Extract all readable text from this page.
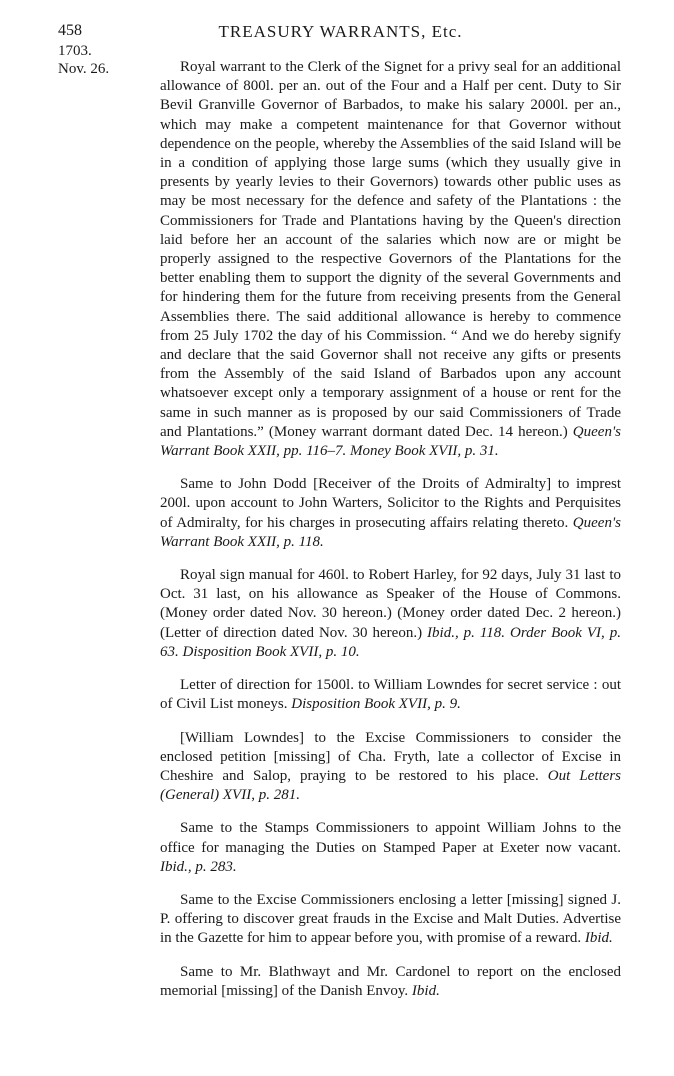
458	TREASURY WARRANTS, Etc.
1703.
Nov. 26.	Royal warrant to the Clerk of the Signet for a privy seal for an additional allowance of 800l. per an. out of the Four and a Half per cent. Duty to Sir Bevil Granville Governor of Barbados, to make his salary 2000l. per an., which may make a competent maintenance for that Governor without dependence on the people, whereby the Assemblies of the said Island will be in a condition of applying those large sums (which they usually give in presents by yearly levies to their Governors) towards other public uses as may be most necessary for the defence and safety of the Plantations : the Commissioners for Trade and Plantations having by the Queen's direction laid before her an account of the salaries which now are or might be properly assigned to the respective Governors of the Plantations for the better enabling them to support the dignity of the several Governments and for hindering them for the future from receiving presents from the General Assemblies there. The said additional allowance is hereby to commence from 25 July 1702 the day of his Commission. “ And we do hereby signify and declare that the said Governor shall not receive any gifts or presents from the Assembly of the said Island of Barbados upon any account whatsoever except only a temporary assignment of a house or rent for the same in such manner as is proposed by our said Commissioners of Trade and Plantations.” (Money warrant dormant dated Dec. 14 hereon.) Queen's Warrant Book XXII, pp. 116–7. Money Book XVII, p. 31.
Same to John Dodd [Receiver of the Droits of Admiralty] to imprest 200l. upon account to John Warters, Solicitor to the Rights and Perquisites of Admiralty, for his charges in prosecuting affairs relating thereto. Queen's Warrant Book XXII, p. 118.
Royal sign manual for 460l. to Robert Harley, for 92 days, July 31 last to Oct. 31 last, on his allowance as Speaker of the House of Commons. (Money order dated Nov. 30 hereon.) (Money order dated Dec. 2 hereon.) (Letter of direction dated Nov. 30 hereon.) Ibid., p. 118. Order Book VI, p. 63. Disposition Book XVII, p. 10.
Letter of direction for 1500l. to William Lowndes for secret service : out of Civil List moneys. Disposition Book XVII, p. 9.
[William Lowndes] to the Excise Commissioners to consider the enclosed petition [missing] of Cha. Fryth, late a collector of Excise in Cheshire and Salop, praying to be restored to his place. Out Letters (General) XVII, p. 281.
Same to the Stamps Commissioners to appoint William Johns to the office for managing the Duties on Stamped Paper at Exeter now vacant. Ibid., p. 283.
Same to the Excise Commissioners enclosing a letter [missing] signed J. P. offering to discover great frauds in the Excise and Malt Duties. Advertise in the Gazette for him to appear before you, with promise of a reward. Ibid.
Same to Mr. Blathwayt and Mr. Cardonel to report on the enclosed memorial [missing] of the Danish Envoy. Ibid.
